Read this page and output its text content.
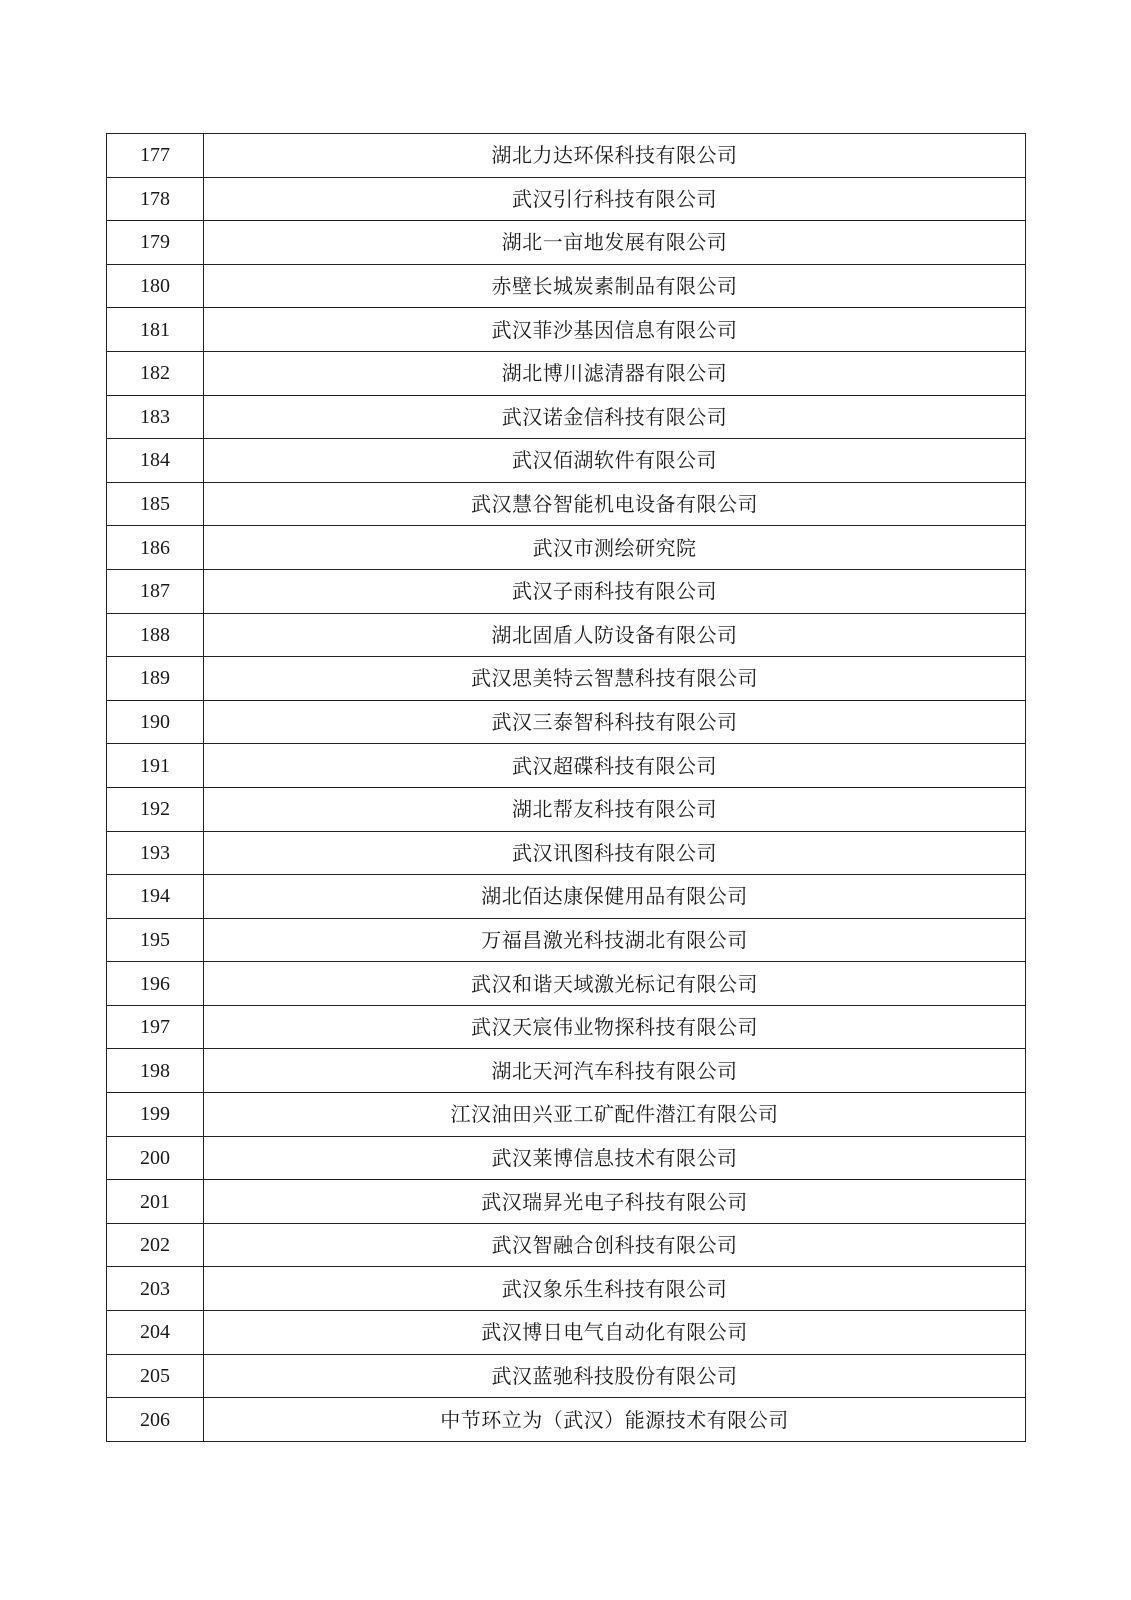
177	湖北力达环保科技有限公司
178	武汉引行科技有限公司
179	湖北一亩地发展有限公司
180	赤壁长城炭素制品有限公司
181	武汉菲沙基因信息有限公司
182	湖北博川滤清器有限公司
183	武汉诺金信科技有限公司
184	武汉佰湖软件有限公司
185	武汉慧谷智能机电设备有限公司
186	武汉市测绘研究院
187	武汉子雨科技有限公司
188	湖北固盾人防设备有限公司
189	武汉思美特云智慧科技有限公司
190	武汉三泰智科科技有限公司
191	武汉超碟科技有限公司
192	湖北帮友科技有限公司
193	武汉讯图科技有限公司
194	湖北佰达康保健用品有限公司
195	万福昌激光科技湖北有限公司
196	武汉和谐天域激光标记有限公司
197	武汉天宸伟业物探科技有限公司
198	湖北天河汽车科技有限公司
199	江汉油田兴亚工矿配件潜江有限公司
200	武汉莱博信息技术有限公司
201	武汉瑞昇光电子科技有限公司
202	武汉智融合创科技有限公司
203	武汉象乐生科技有限公司
204	武汉博日电气自动化有限公司
205	武汉蓝驰科技股份有限公司
206	中节环立为（武汉）能源技术有限公司
